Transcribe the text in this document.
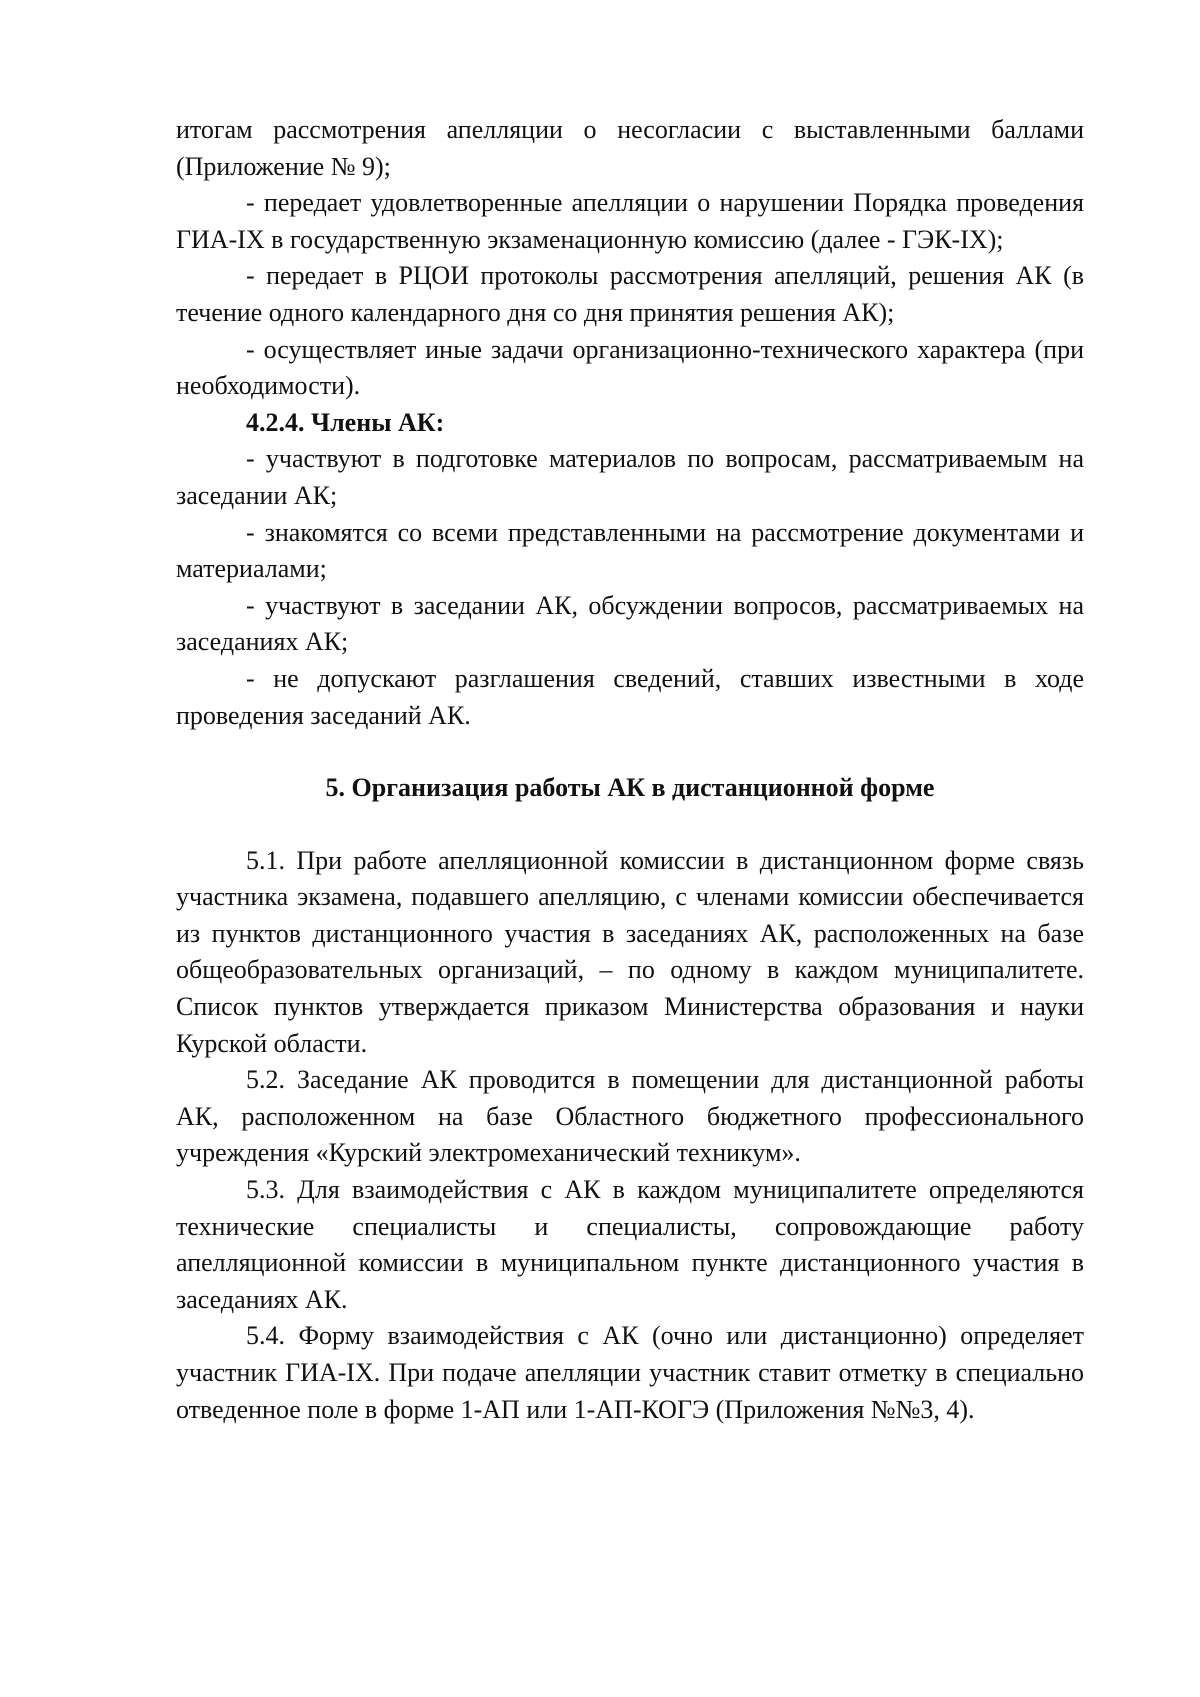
итогам рассмотрения апелляции о несогласии с выставленными баллами (Приложение № 9);

- передает удовлетворенные апелляции о нарушении Порядка проведения ГИА-IX в государственную экзаменационную комиссию (далее - ГЭК-IX);

- передает в РЦОИ протоколы рассмотрения апелляций, решения АК (в течение одного календарного дня со дня принятия решения АК);

- осуществляет иные задачи организационно-технического характера (при необходимости).

4.2.4. Члены АК:

- участвуют в подготовке материалов по вопросам, рассматриваемым на заседании АК;

- знакомятся со всеми представленными на рассмотрение документами и материалами;

- участвуют в заседании АК, обсуждении вопросов, рассматриваемых на заседаниях АК;

- не допускают разглашения сведений, ставших известными в ходе проведения заседаний АК.

5. Организация работы АК в дистанционной форме

5.1. При работе апелляционной комиссии в дистанционном форме связь участника экзамена, подавшего апелляцию, с членами комиссии обеспечивается из пунктов дистанционного участия в заседаниях АК, расположенных на базе общеобразовательных организаций, – по одному в каждом муниципалитете. Список пунктов утверждается приказом Министерства образования и науки Курской области.

5.2. Заседание АК проводится в помещении для дистанционной работы АК, расположенном на базе Областного бюджетного профессионального учреждения «Курский электромеханический техникум».

5.3. Для взаимодействия с АК в каждом муниципалитете определяются технические специалисты и специалисты, сопровождающие работу апелляционной комиссии в муниципальном пункте дистанционного участия в заседаниях АК.

5.4. Форму взаимодействия с АК (очно или дистанционно) определяет участник ГИА-IX. При подаче апелляции участник ставит отметку в специально отведенное поле в форме 1-АП или 1-АП-КОГЭ (Приложения №№3, 4).
